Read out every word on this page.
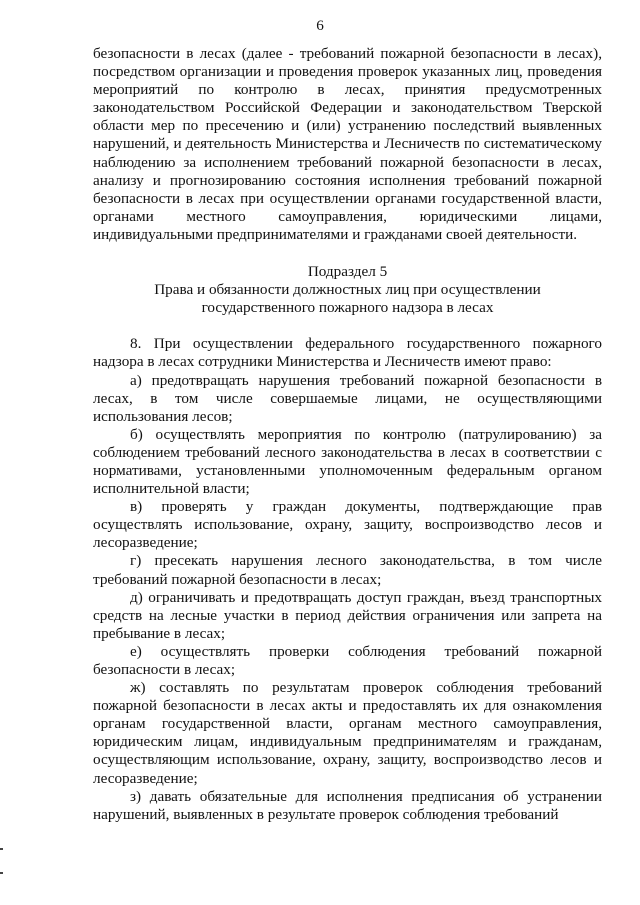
6

безопасности в лесах (далее - требований пожарной безопасности в лесах), посредством организации и проведения проверок указанных лиц, проведения мероприятий по контролю в лесах, принятия предусмотренных законодательством Российской Федерации и законодательством Тверской области мер по пресечению и (или) устранению последствий выявленных нарушений, и деятельность Министерства и Лесничеств по систематическому наблюдению за исполнением требований пожарной безопасности в лесах, анализу и прогнозированию состояния исполнения требований пожарной безопасности в лесах при осуществлении органами государственной власти, органами местного самоуправления, юридическими лицами, индивидуальными предпринимателями и гражданами своей деятельности.

Подраздел 5

Права и обязанности должностных лиц при осуществлении

государственного пожарного надзора в лесах

8. При осуществлении федерального государственного пожарного надзора в лесах сотрудники Министерства и Лесничеств имеют право:

а) предотвращать нарушения требований пожарной безопасности в лесах, в том числе совершаемые лицами, не осуществляющими использования лесов;

б) осуществлять мероприятия по контролю (патрулированию) за соблюдением требований лесного законодательства в лесах в соответствии с нормативами, установленными уполномоченным федеральным органом исполнительной власти;

в) проверять у граждан документы, подтверждающие прав осуществлять использование, охрану, защиту, воспроизводство лесов и лесоразведение;

г) пресекать нарушения лесного законодательства, в том числе требований пожарной безопасности в лесах;

д) ограничивать и предотвращать доступ граждан, въезд транспортных средств на лесные участки в период действия ограничения или запрета на пребывание в лесах;

е) осуществлять проверки соблюдения требований пожарной безопасности в лесах;

ж) составлять по результатам проверок соблюдения требований пожарной безопасности в лесах акты и предоставлять их для ознакомления органам государственной власти, органам местного самоуправления, юридическим лицам, индивидуальным предпринимателям и гражданам, осуществляющим использование, охрану, защиту, воспроизводство лесов и лесоразведение;

з) давать обязательные для исполнения предписания об устранении нарушений, выявленных в результате проверок соблюдения требований
